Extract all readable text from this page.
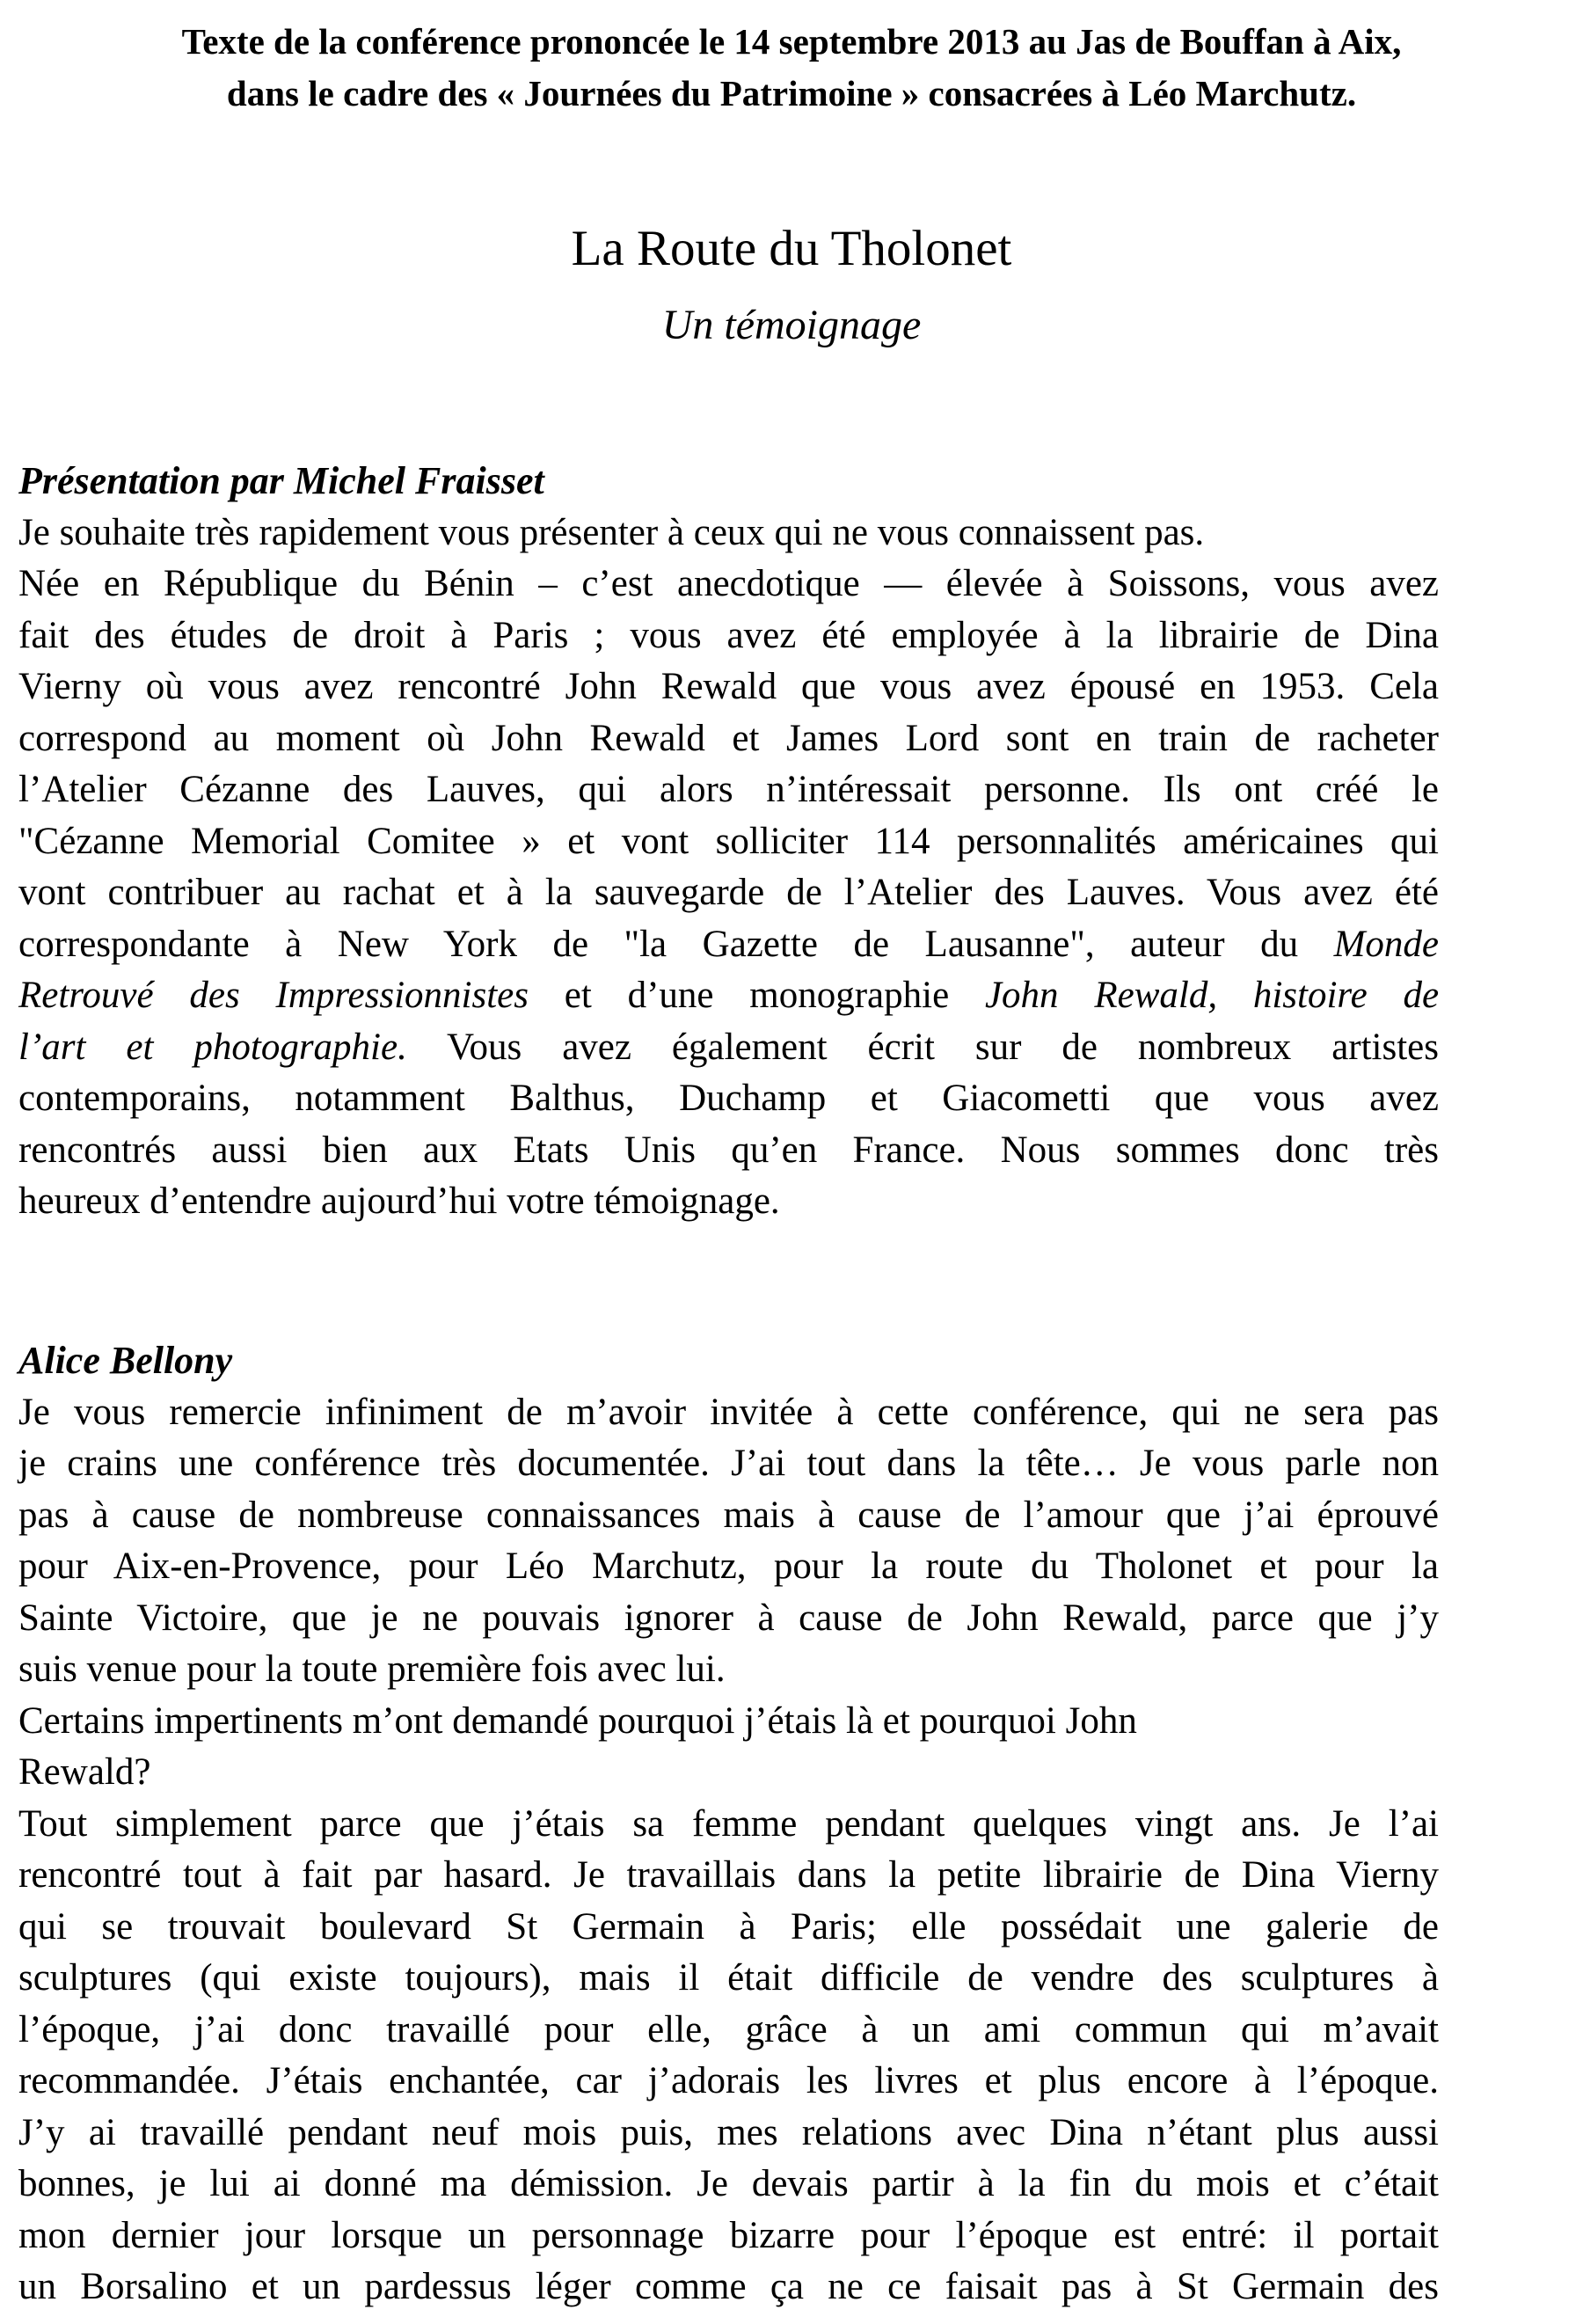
Texte de la conférence prononcée le 14 septembre 2013 au Jas de Bouffan à Aix,
dans le cadre des « Journées du Patrimoine » consacrées à Léo Marchutz.
La Route du Tholonet
Un témoignage
Présentation par Michel Fraisset
Je souhaite très rapidement vous présenter à ceux qui ne vous connaissent pas.
Née en République du Bénin – c’est anecdotique — élevée à Soissons, vous avez
fait des études de droit à Paris ; vous avez été employée à la librairie de Dina
Vierny où vous avez rencontré John Rewald que vous avez épousé en 1953. Cela
correspond au moment où John Rewald et James Lord sont en train de racheter
l’Atelier Cézanne des Lauves, qui alors n’intéressait personne. Ils ont créé le
"Cézanne Memorial Comitee » et vont solliciter 114 personnalités américaines qui
vont contribuer au rachat et à la sauvegarde de l’Atelier des Lauves. Vous avez été
correspondante à New York de "la Gazette de Lausanne", auteur du Monde
Retrouvé des Impressionnistes et d’une monographie John Rewald, histoire de
l’art et photographie. Vous avez également écrit sur de nombreux artistes
contemporains, notamment Balthus, Duchamp et Giacometti que vous avez
rencontrés aussi bien aux Etats Unis qu’en France. Nous sommes donc très
heureux d’entendre aujourd’hui votre témoignage.
Alice Bellony
Je vous remercie infiniment de m’avoir invitée à cette conférence, qui ne sera pas
je crains une conférence très documentée. J’ai tout dans la tête… Je vous parle non
pas à cause de nombreuse connaissances mais à cause de l’amour que j’ai éprouvé
pour Aix-en-Provence, pour Léo Marchutz, pour la route du Tholonet et pour la
Sainte Victoire, que je ne pouvais ignorer à cause de John Rewald, parce que j’y
suis venue pour la toute première fois avec lui.
Certains impertinents m’ont demandé pourquoi j’étais là et pourquoi John
Rewald?
Tout simplement parce que j’étais sa femme pendant quelques vingt ans. Je l’ai
rencontré tout à fait par hasard. Je travaillais dans la petite librairie de Dina Vierny
qui se trouvait boulevard St Germain à Paris; elle possédait une galerie de
sculptures (qui existe toujours), mais il était difficile de vendre des sculptures à
l’époque, j’ai donc travaillé pour elle, grâce à un ami commun qui m’avait
recommandée. J’étais enchantée, car j’adorais les livres et plus encore à l’époque.
J’y ai travaillé pendant neuf mois puis, mes relations avec Dina n’étant plus aussi
bonnes, je lui ai donné ma démission. Je devais partir à la fin du mois et c’était
mon dernier jour lorsque un personnage bizarre pour l’époque est entré: il portait
un Borsalino et un pardessus léger comme ça ne ce faisait pas à St Germain des
